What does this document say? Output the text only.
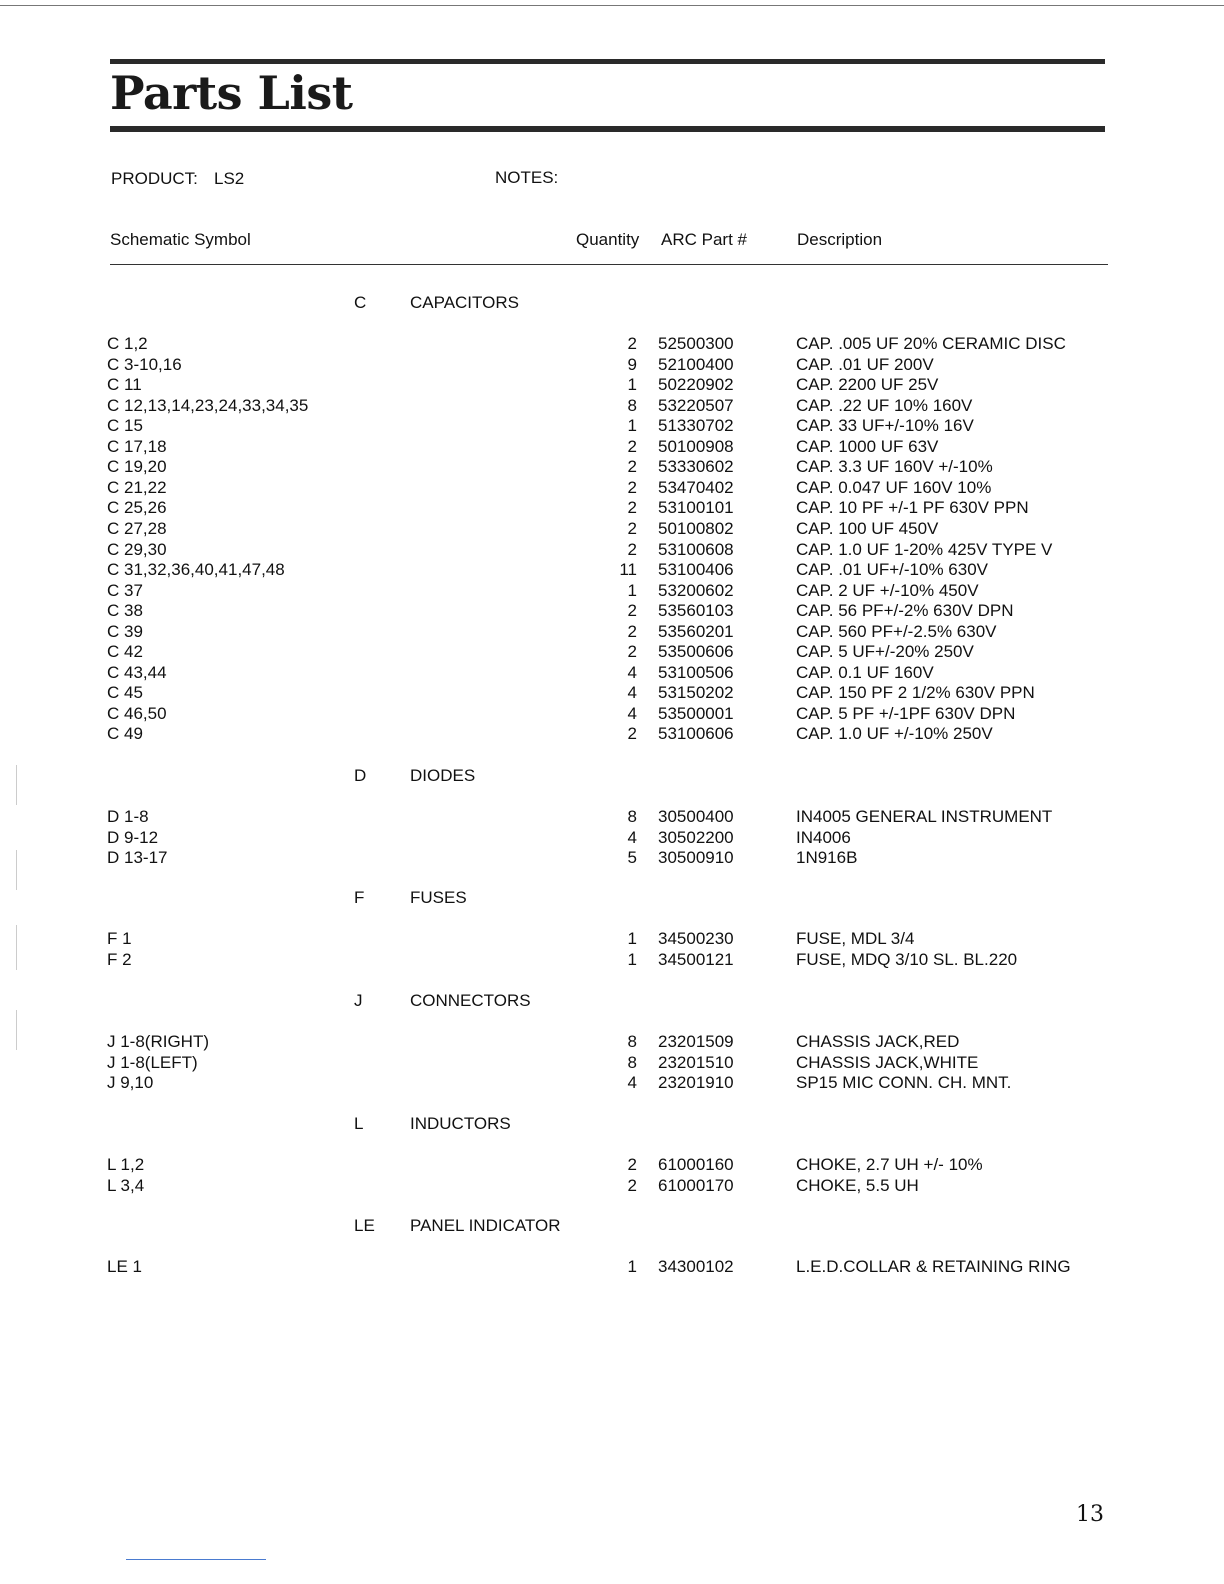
Parts List
PRODUCT: LS2	NOTES:
Schematic Symbol	Quantity ARC Part #	Description
C	CAPACITORS
C 1,2	2 52500300	CAP. .005 UF 20% CERAMIC DISC
C 3-10,16	9 52100400	CAP. .01 UF 200V
C 11	1 50220902	CAP. 2200 UF 25V
C 12,13,14,23,24,33,34,35	8 53220507	CAP. .22 UF 10% 160V
C 15	1 51330702	CAP. 33 UF+/-10% 16V
C 17,18	2 50100908	CAP. 1000 UF 63V
C 19,20	2 53330602	CAP. 3.3 UF 160V +/-10%
C 21,22	2 53470402	CAP. 0.047 UF 160V 10%
C 25,26	2 53100101	CAP. 10 PF +/-1 PF 630V PPN
C 27,28	2 50100802	CAP. 100 UF 450V
C 29,30	2 53100608	CAP. 1.0 UF 1-20% 425V TYPE V
C 31,32,36,40,41,47,48	11 53100406	CAP. .01 UF+/-10% 630V
C 37	1 53200602	CAP. 2 UF +/-10% 450V
C 38	2 53560103	CAP. 56 PF+/-2% 630V DPN
C 39	2 53560201	CAP. 560 PF+/-2.5% 630V
C 42	2 53500606	CAP. 5 UF+/-20% 250V
C 43,44	4 53100506	CAP. 0.1 UF 160V
C 45	4 53150202	CAP. 150 PF 2 1/2% 630V PPN
C 46,50	4 53500001	CAP. 5 PF +/-1PF 630V DPN
C 49	2 53100606	CAP. 1.0 UF +/-10% 250V
D	DIODES
D 1-8	8 30500400	IN4005 GENERAL INSTRUMENT
D 9-12	4 30502200	IN4006
D 13-17	5 30500910	1N916B
F	FUSES
F 1	1 34500230	FUSE, MDL 3/4
F 2	1 34500121	FUSE, MDQ 3/10 SL. BL.220
J	CONNECTORS
J 1-8(RIGHT)	8 23201509	CHASSIS JACK,RED
J 1-8(LEFT)	8 23201510	CHASSIS JACK,WHITE
J 9,10	4 23201910	SP15 MIC CONN. CH. MNT.
L	INDUCTORS
L 1,2	2 61000160	CHOKE, 2.7 UH +/- 10%
L 3,4	2 61000170	CHOKE, 5.5 UH
LE PANEL INDICATOR
LE 1	1 34300102	L.E.D.COLLAR & RETAINING RING
13
